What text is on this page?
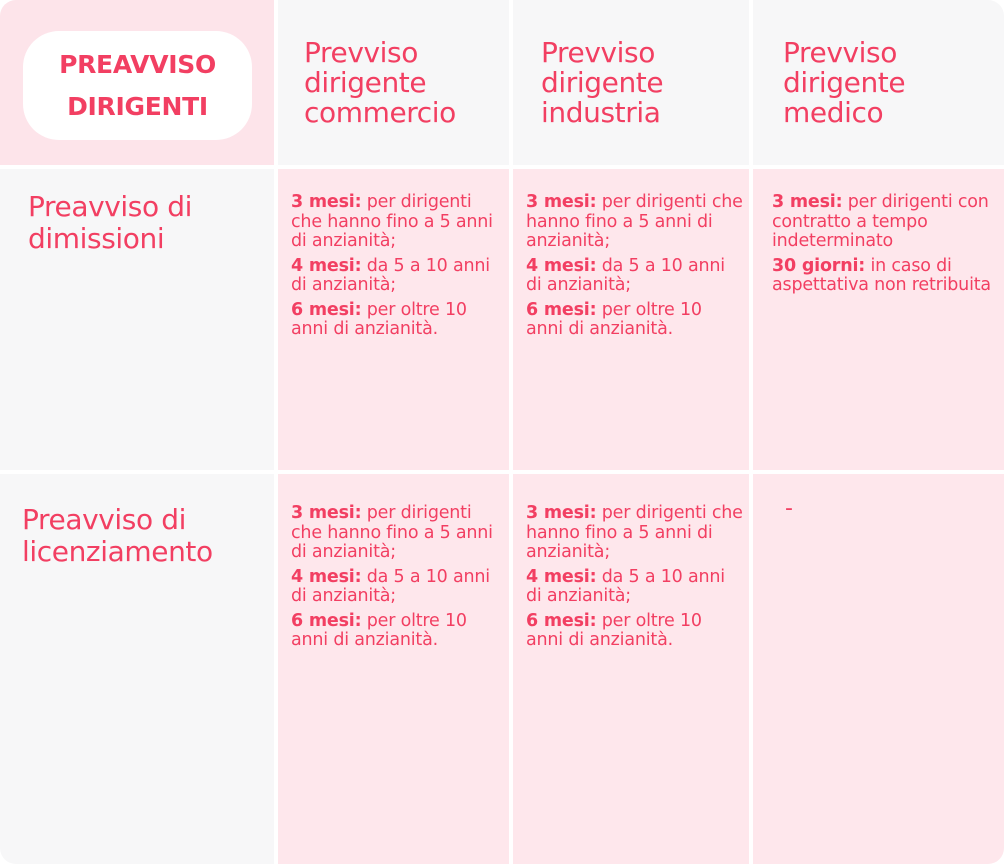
PREAVVISO
DIRIGENTI
Prevviso
dirigente
commercio
Prevviso
dirigente
industria
Prevviso
dirigente
medico
Preavviso di
dimissioni
3 mesi: per dirigenti che hanno fino a 5 anni di anzianità;
4 mesi: da 5 a 10 anni di anzianità;
6 mesi: per oltre 10 anni di anzianità.
3 mesi: per dirigenti che hanno fino a 5 anni di anzianità;
4 mesi: da 5 a 10 anni di anzianità;
6 mesi: per oltre 10 anni di anzianità.
3 mesi: per dirigenti con contratto a tempo indeterminato
30 giorni: in caso di aspettativa non retribuita
Preavviso di
licenziamento
3 mesi: per dirigenti che hanno fino a 5 anni di anzianità;
4 mesi: da 5 a 10 anni di anzianità;
6 mesi: per oltre 10 anni di anzianità.
3 mesi: per dirigenti che hanno fino a 5 anni di anzianità;
4 mesi: da 5 a 10 anni di anzianità;
6 mesi: per oltre 10 anni di anzianità.
-
